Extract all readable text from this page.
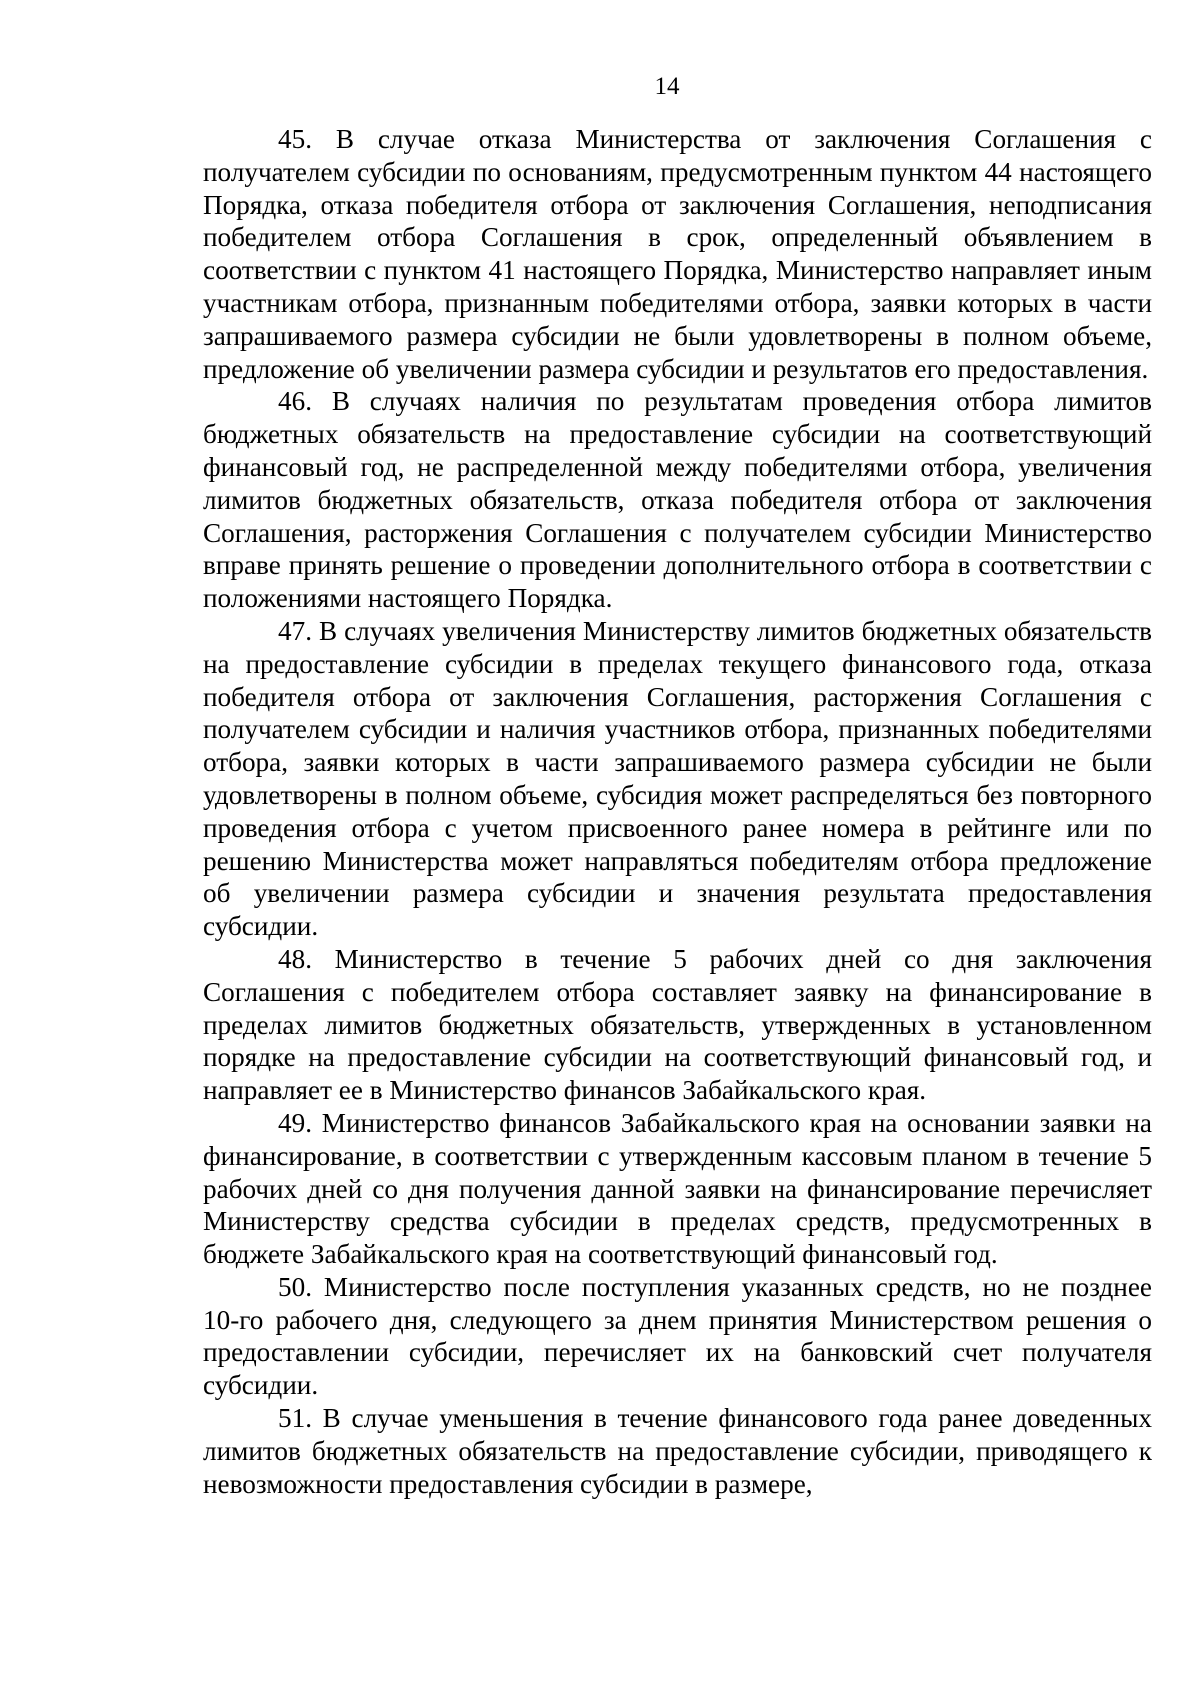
14

45. В случае отказа Министерства от заключения Соглашения с получателем субсидии по основаниям, предусмотренным пунктом 44 настоящего Порядка, отказа победителя отбора от заключения Соглашения, неподписания победителем отбора Соглашения в срок, определенный объявлением в соответствии с пунктом 41 настоящего Порядка, Министерство направляет иным участникам отбора, признанным победителями отбора, заявки которых в части запрашиваемого размера субсидии не были удовлетворены в полном объеме, предложение об увеличении размера субсидии и результатов его предоставления.

46. В случаях наличия по результатам проведения отбора лимитов бюджетных обязательств на предоставление субсидии на соответствующий финансовый год, не распределенной между победителями отбора, увеличения лимитов бюджетных обязательств, отказа победителя отбора от заключения Соглашения, расторжения Соглашения с получателем субсидии Министерство вправе принять решение о проведении дополнительного отбора в соответствии с положениями настоящего Порядка.

47. В случаях увеличения Министерству лимитов бюджетных обязательств на предоставление субсидии в пределах текущего финансового года, отказа победителя отбора от заключения Соглашения, расторжения Соглашения с получателем субсидии и наличия участников отбора, признанных победителями отбора, заявки которых в части запрашиваемого размера субсидии не были удовлетворены в полном объеме, субсидия может распределяться без повторного проведения отбора с учетом присвоенного ранее номера в рейтинге или по решению Министерства может направляться победителям отбора предложение об увеличении размера субсидии и значения результата предоставления субсидии.

48. Министерство в течение 5 рабочих дней со дня заключения Соглашения с победителем отбора составляет заявку на финансирование в пределах лимитов бюджетных обязательств, утвержденных в установленном порядке на предоставление субсидии на соответствующий финансовый год, и направляет ее в Министерство финансов Забайкальского края.

49. Министерство финансов Забайкальского края на основании заявки на финансирование, в соответствии с утвержденным кассовым планом в течение 5 рабочих дней со дня получения данной заявки на финансирование перечисляет Министерству средства субсидии в пределах средств, предусмотренных в бюджете Забайкальского края на соответствующий финансовый год.

50. Министерство после поступления указанных средств, но не позднее 10-го рабочего дня, следующего за днем принятия Министерством решения о предоставлении субсидии, перечисляет их на банковский счет получателя субсидии.

51. В случае уменьшения в течение финансового года ранее доведенных лимитов бюджетных обязательств на предоставление субсидии, приводящего к невозможности предоставления субсидии в размере,
